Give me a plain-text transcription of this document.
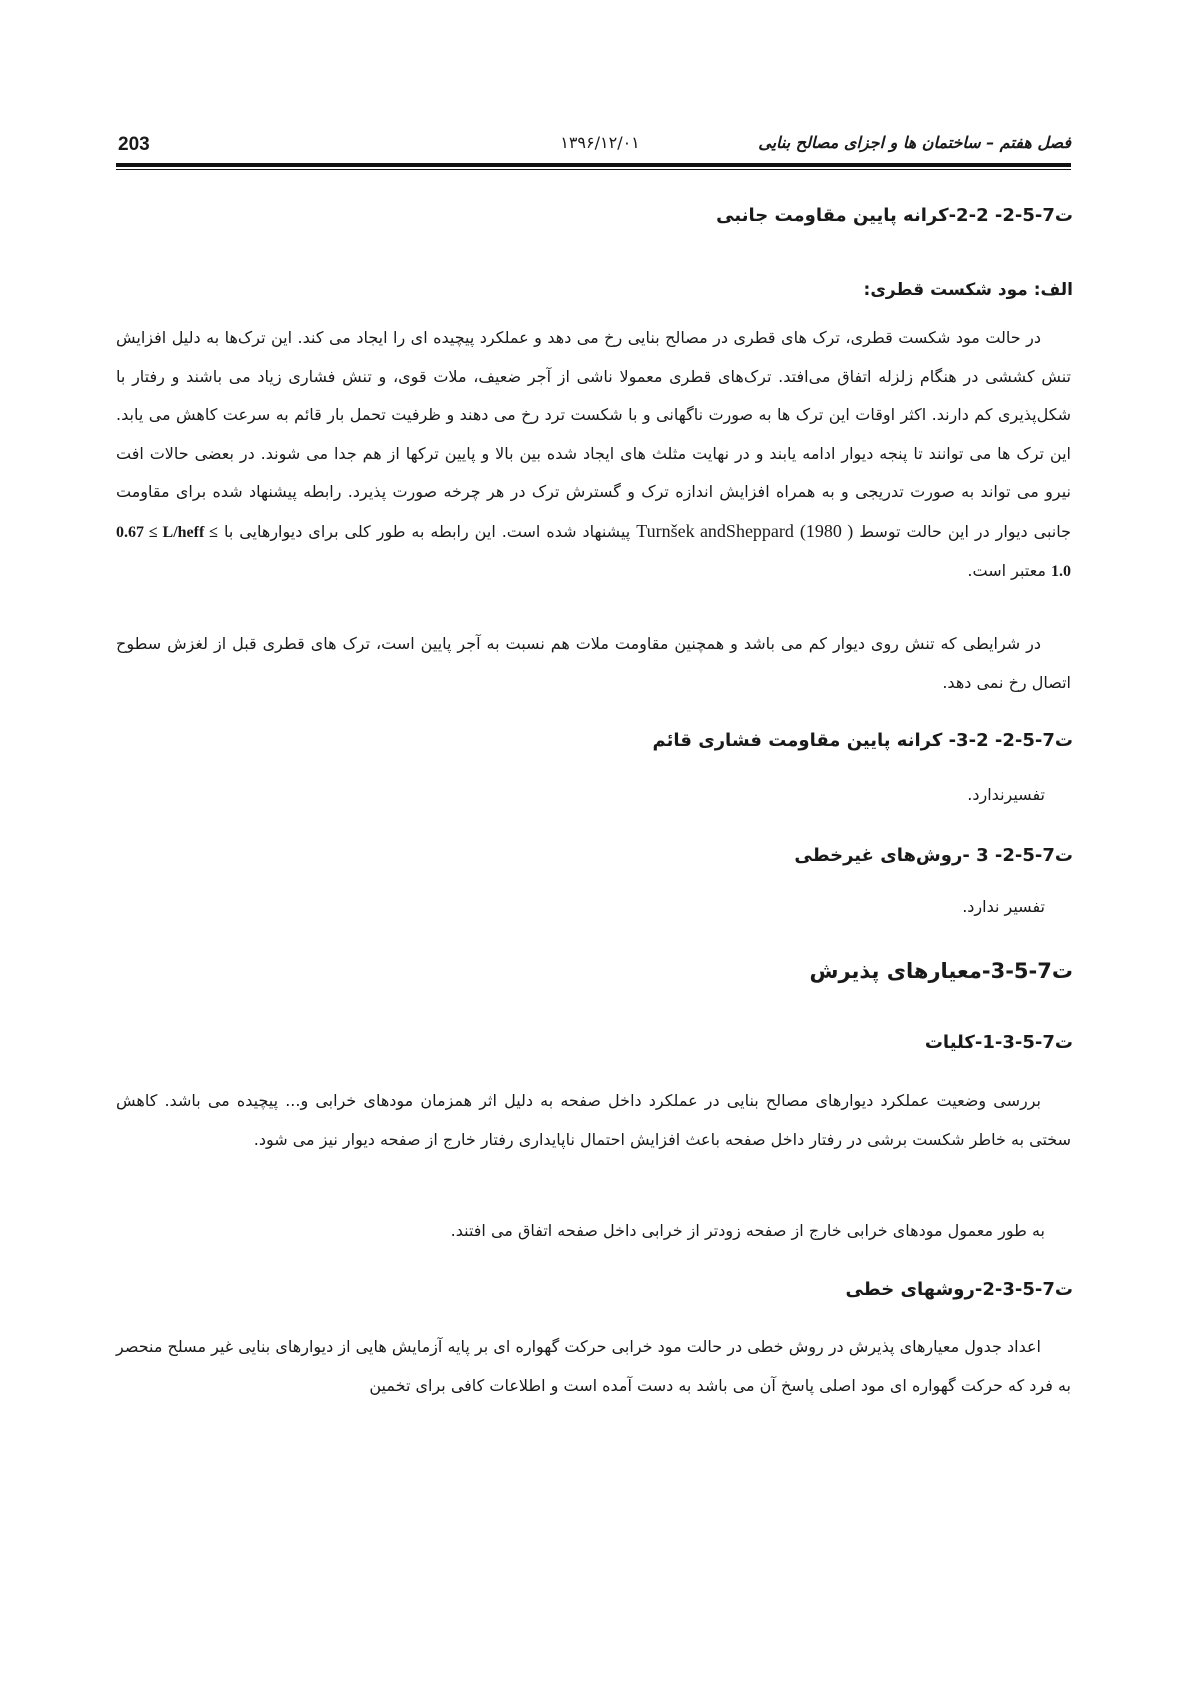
203	۱۳۹۶/۱۲/۰۱	فصل هفتم – ساختمان ها و اجزای مصالح بنایی
ت7-5-2- 2-2-کرانه پایین مقاومت جانبی
الف: مود شکست قطری:
در حالت مود شکست قطری، ترک های قطری در مصالح بنایی رخ می دهد و عملکرد پیچیده ای را ایجاد می کند. این ترک‌ها به دلیل افزایش تنش کششی در هنگام زلزله اتفاق می‌افتد. ترک‌های قطری معمولا ناشی از آجر ضعیف، ملات قوی، و تنش فشاری زیاد می باشند و رفتار با شکل‌پذیری کم دارند. اکثر اوقات این ترک ها به صورت ناگهانی و با شکست ترد رخ می دهند و ظرفیت تحمل بار قائم به سرعت کاهش می یابد. این ترک ها می توانند تا پنجه دیوار ادامه یابند و در نهایت مثلث های ایجاد شده بین بالا و پایین ترکها از هم جدا می شوند. در بعضی حالات افت نیرو می تواند به صورت تدریجی و به همراه افزایش اندازه ترک و گسترش ترک در هر چرخه صورت پذیرد. رابطه پیشنهاد شده برای مقاومت جانبی دیوار در این حالت توسط Turnšek andSheppard (1980 ) پیشنهاد شده است. این رابطه به طور کلی برای دیوارهایی با 0.67 ≤ L/heff ≤ 1.0 معتبر است.
در شرایطی که تنش روی دیوار کم می باشد و همچنین مقاومت ملات هم نسبت به آجر پایین است، ترک های قطری قبل از لغزش سطوح اتصال رخ نمی دهد.
ت7-5-2- 2-3- کرانه پایین مقاومت فشاری قائم
تفسیرندارد.
ت7-5-2- 3 -روش‌های غیرخطی
تفسیر ندارد.
ت7-5-3-معیارهای پذیرش
ت7-5-3-1-کلیات
بررسی وضعیت عملکرد دیوارهای مصالح بنایی در عملکرد داخل صفحه به دلیل اثر همزمان مودهای خرابی و... پیچیده می باشد. کاهش سختی به خاطر شکست برشی در رفتار داخل صفحه باعث افزایش احتمال ناپایداری رفتار خارج از صفحه دیوار نیز می شود.
به طور معمول مودهای خرابی خارج از صفحه زودتر از خرابی داخل صفحه اتفاق می افتند.
ت7-5-3-2-روشهای خطی
اعداد جدول معیارهای پذیرش در روش خطی در حالت مود خرابی حرکت گهواره ای بر پایه آزمایش هایی از دیوارهای بنایی غیر مسلح منحصر به فرد که حرکت گهواره ای مود اصلی پاسخ آن می باشد به دست آمده است و اطلاعات کافی برای تخمین
